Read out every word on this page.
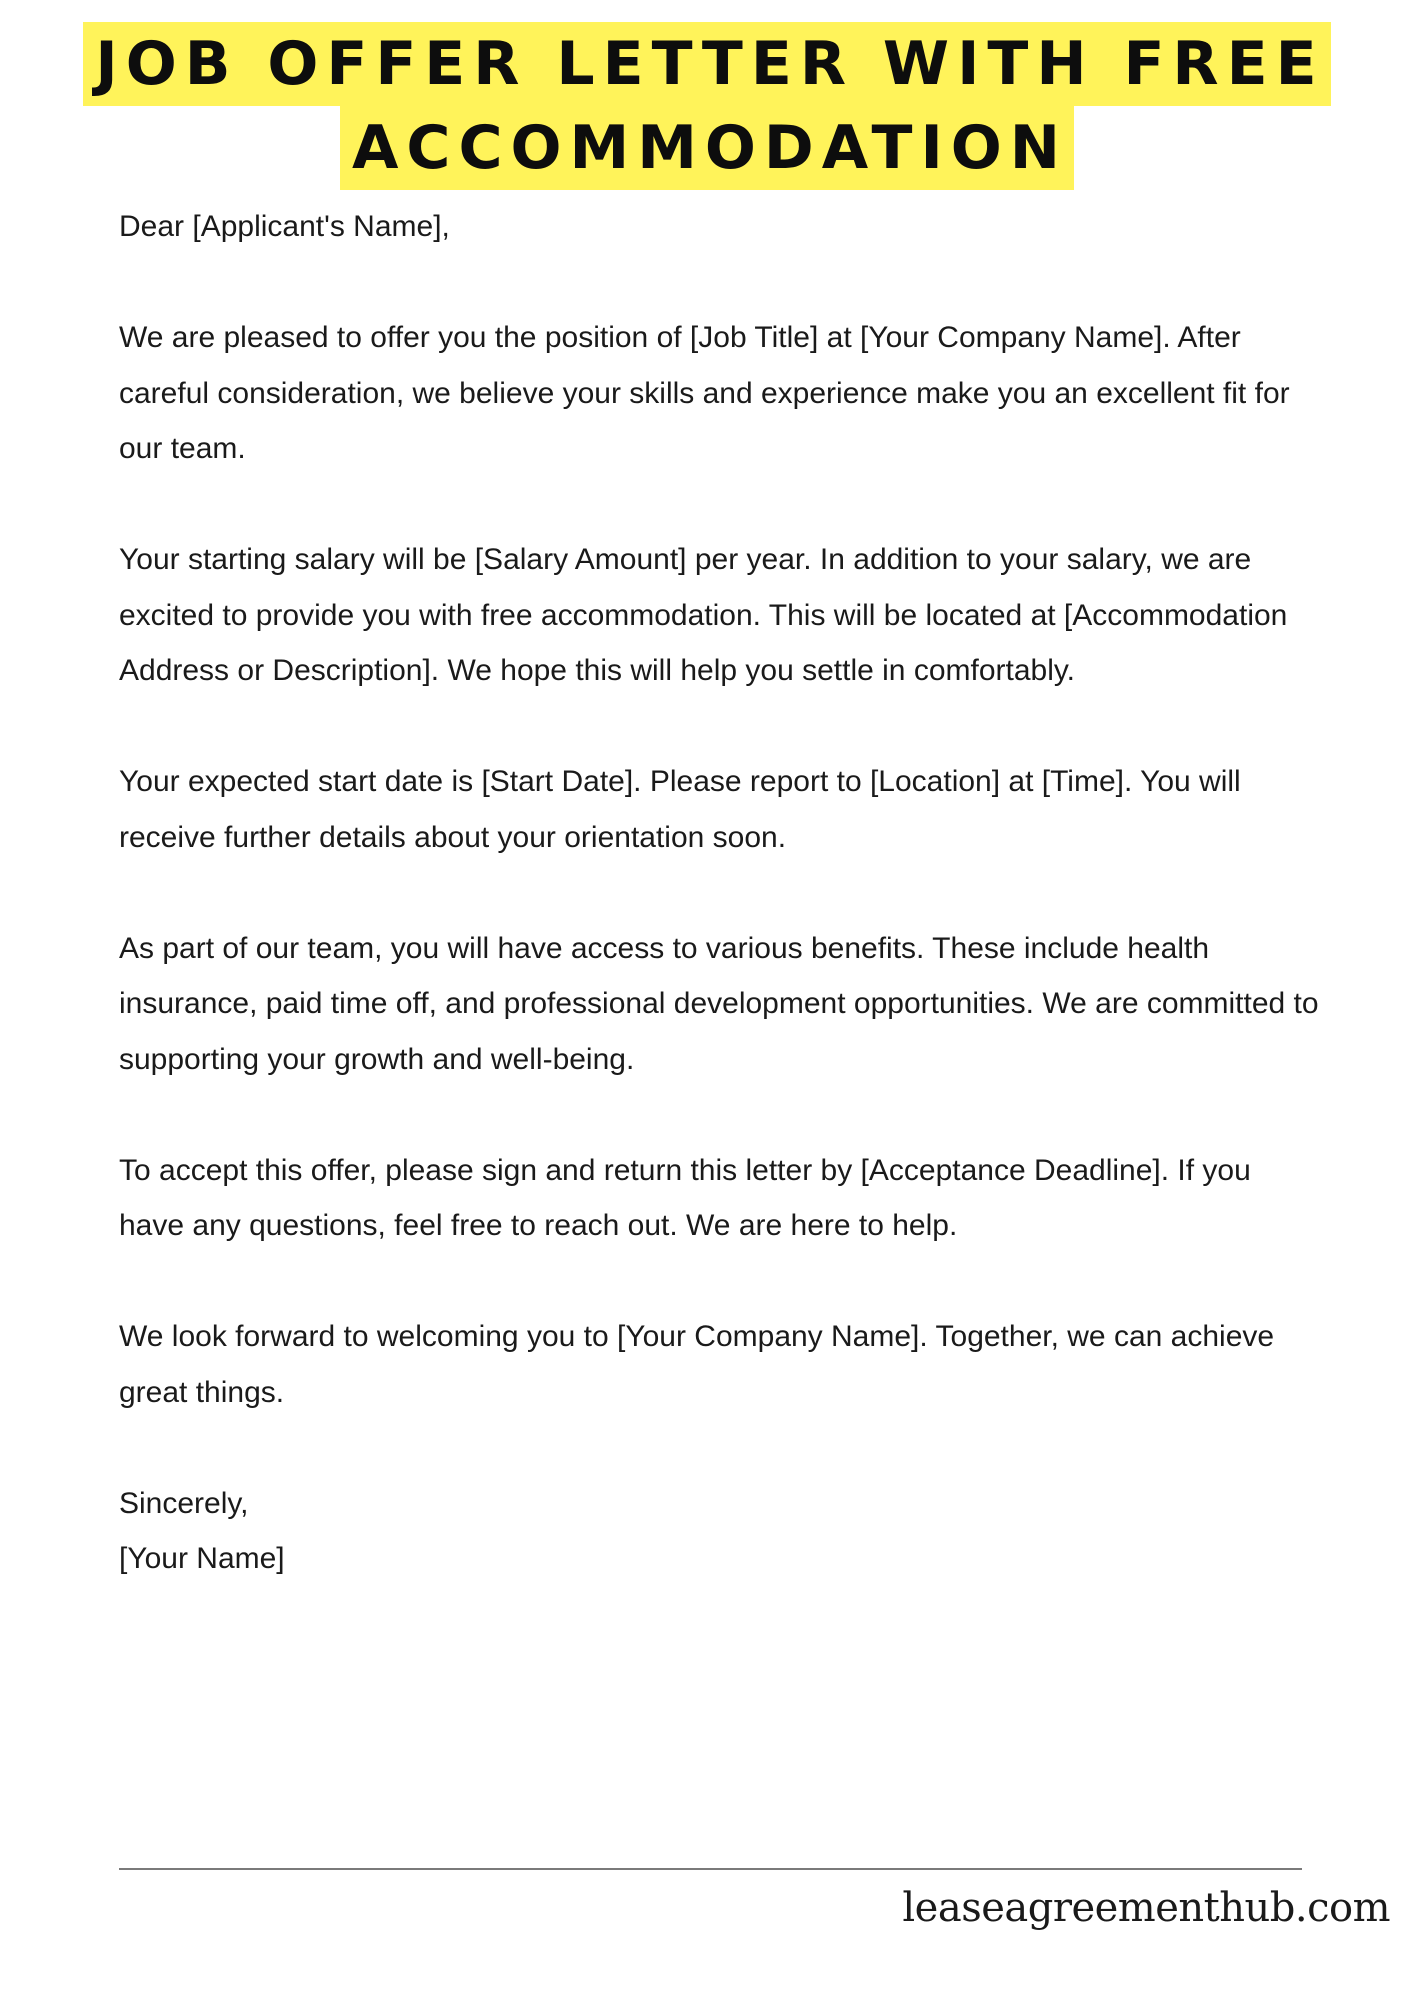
JOB OFFER LETTER WITH FREE
ACCOMMODATION

Dear [Applicant's Name],

We are pleased to offer you the position of [Job Title] at [Your Company Name]. After careful consideration, we believe your skills and experience make you an excellent fit for our team.

Your starting salary will be [Salary Amount] per year. In addition to your salary, we are excited to provide you with free accommodation. This will be located at [Accommodation Address or Description]. We hope this will help you settle in comfortably.

Your expected start date is [Start Date]. Please report to [Location] at [Time]. You will receive further details about your orientation soon.

As part of our team, you will have access to various benefits. These include health insurance, paid time off, and professional development opportunities. We are committed to supporting your growth and well-being.

To accept this offer, please sign and return this letter by [Acceptance Deadline]. If you have any questions, feel free to reach out. We are here to help.

We look forward to welcoming you to [Your Company Name]. Together, we can achieve great things.

Sincerely,

[Your Name]

leaseagreementhub.com
